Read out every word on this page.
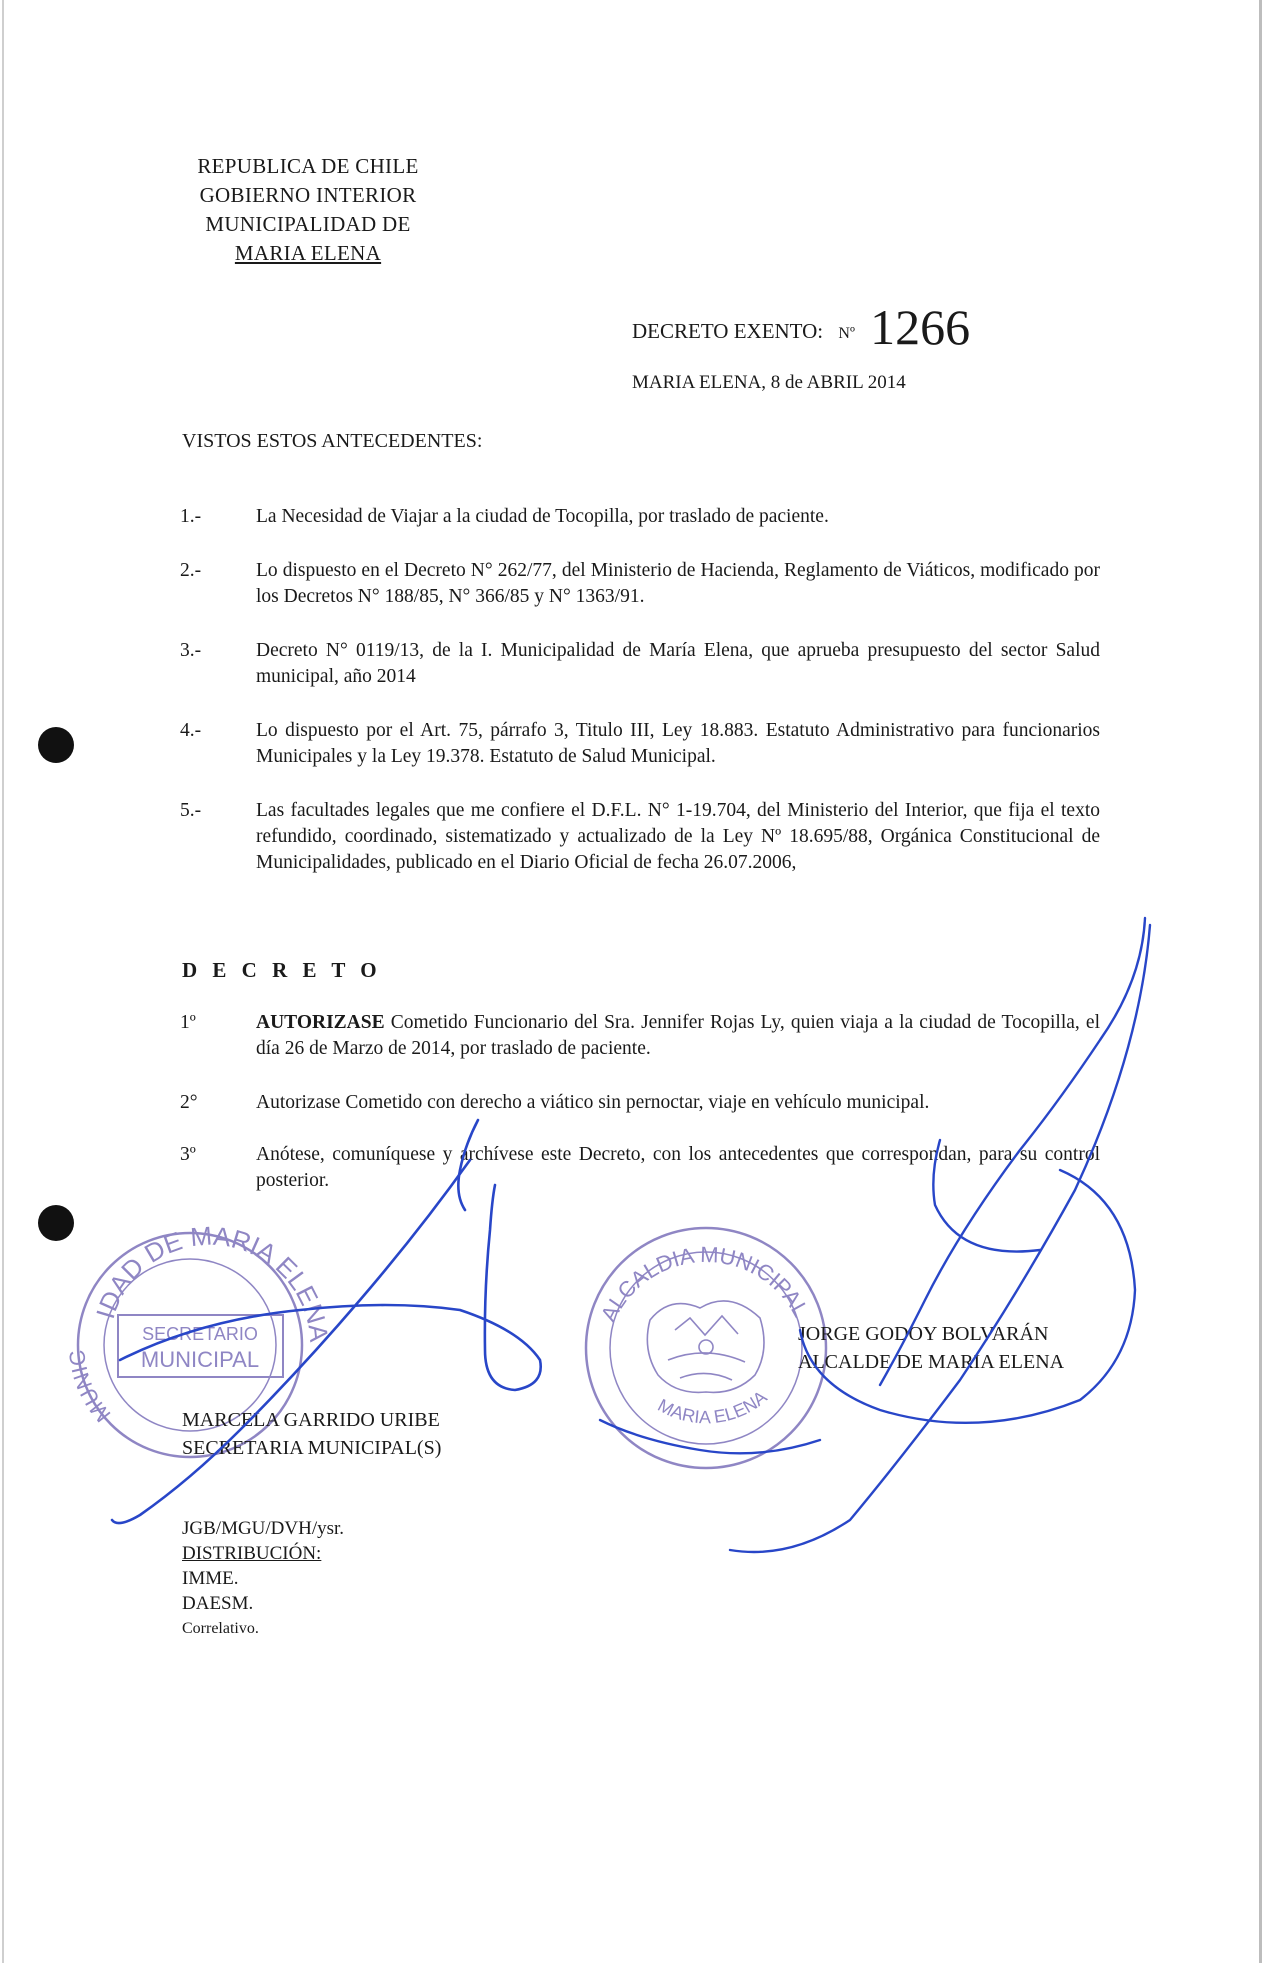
REPUBLICA DE CHILE
GOBIERNO INTERIOR
MUNICIPALIDAD DE
MARIA ELENA
DECRETO EXENTO: Nº 1266
MARIA ELENA, 8 de ABRIL 2014
VISTOS ESTOS ANTECEDENTES:
1.-	La Necesidad de Viajar a la ciudad de Tocopilla, por traslado de paciente.
2.-	Lo dispuesto en el Decreto N° 262/77, del Ministerio de Hacienda, Reglamento de Viáticos, modificado por los Decretos N° 188/85, N° 366/85 y N° 1363/91.
3.-	Decreto N° 0119/13, de la I. Municipalidad de María Elena, que aprueba presupuesto del sector Salud municipal, año 2014
4.-	Lo dispuesto por el Art. 75, párrafo 3, Titulo III, Ley 18.883. Estatuto Administrativo para funcionarios Municipales y la Ley 19.378. Estatuto de Salud Municipal.
5.-	Las facultades legales que me confiere el D.F.L. N° 1-19.704, del Ministerio del Interior, que fija el texto refundido, coordinado, sistematizado y actualizado de la Ley Nº 18.695/88, Orgánica Constitucional de Municipalidades, publicado en el Diario Oficial de fecha 26.07.2006,
D E C R E T O
1º	AUTORIZASE Cometido Funcionario del Sra. Jennifer Rojas Ly, quien viaja a la ciudad de Tocopilla, el día 26 de Marzo de 2014, por traslado de paciente.
2°	Autorizase Cometido con derecho a viático sin pernoctar, viaje en vehículo municipal.
3º	Anótese, comuníquese y archívese este Decreto, con los antecedentes que correspondan, para su control posterior.
IDAD DE MARIA ELENA
MUNIC
SECRETARIO
MUNICIPAL
ALCALDIA MUNICIPAL
MARIA ELENA
MARCELA GARRIDO URIBE
SECRETARIA MUNICIPAL(S)
JORGE GODOY BOLVARÁN
ALCALDE DE MARIA ELENA
JGB/MGU/DVH/ysr.
DISTRIBUCIÓN:
IMME.
DAESM.
Correlativo.
